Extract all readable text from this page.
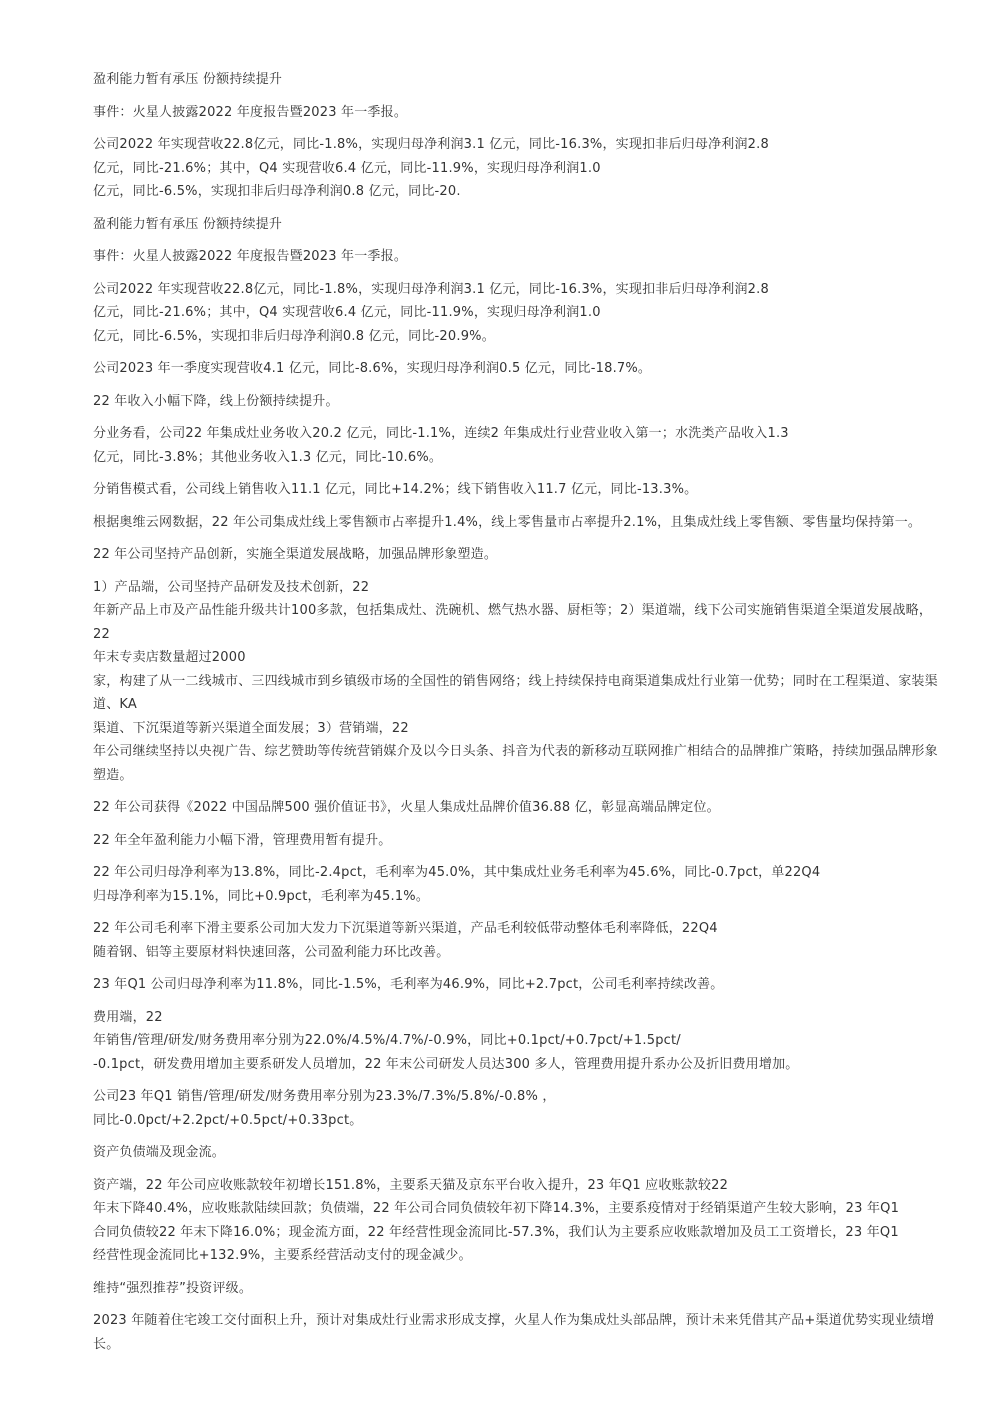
盈利能力暂有承压 份额持续提升
事件：火星人披露2022 年度报告暨2023 年一季报。
公司2022 年实现营收22.8亿元，同比-1.8%，实现归母净利润3.1 亿元，同比-16.3%，实现扣非后归母净利润2.8
亿元，同比-21.6%；其中，Q4 实现营收6.4 亿元，同比-11.9%，实现归母净利润1.0
亿元，同比-6.5%，实现扣非后归母净利润0.8 亿元，同比-20.
盈利能力暂有承压 份额持续提升
事件：火星人披露2022 年度报告暨2023 年一季报。
公司2022 年实现营收22.8亿元，同比-1.8%，实现归母净利润3.1 亿元，同比-16.3%，实现扣非后归母净利润2.8
亿元，同比-21.6%；其中，Q4 实现营收6.4 亿元，同比-11.9%，实现归母净利润1.0
亿元，同比-6.5%，实现扣非后归母净利润0.8 亿元，同比-20.9%。
公司2023 年一季度实现营收4.1 亿元，同比-8.6%，实现归母净利润0.5 亿元，同比-18.7%。
22 年收入小幅下降，线上份额持续提升。
分业务看，公司22 年集成灶业务收入20.2 亿元，同比-1.1%，连续2 年集成灶行业营业收入第一；水洗类产品收入1.3
亿元，同比-3.8%；其他业务收入1.3 亿元，同比-10.6%。
分销售模式看，公司线上销售收入11.1 亿元，同比+14.2%；线下销售收入11.7 亿元，同比-13.3%。
根据奥维云网数据，22 年公司集成灶线上零售额市占率提升1.4%，线上零售量市占率提升2.1%，且集成灶线上零售额、零售量均保持第一。
22 年公司坚持产品创新，实施全渠道发展战略，加强品牌形象塑造。
1）产品端，公司坚持产品研发及技术创新，22
年新产品上市及产品性能升级共计100多款，包括集成灶、洗碗机、燃气热水器、厨柜等；2）渠道端，线下公司实施销售渠道全渠道发展战略，
22
年末专卖店数量超过2000
家，构建了从一二线城市、三四线城市到乡镇级市场的全国性的销售网络；线上持续保持电商渠道集成灶行业第一优势；同时在工程渠道、家装渠
道、KA
渠道、下沉渠道等新兴渠道全面发展；3）营销端，22
年公司继续坚持以央视广告、综艺赞助等传统营销媒介及以今日头条、抖音为代表的新移动互联网推广相结合的品牌推广策略，持续加强品牌形象
塑造。
22 年公司获得《2022 中国品牌500 强价值证书》，火星人集成灶品牌价值36.88 亿，彰显高端品牌定位。
22 年全年盈利能力小幅下滑，管理费用暂有提升。
22 年公司归母净利率为13.8%，同比-2.4pct，毛利率为45.0%，其中集成灶业务毛利率为45.6%，同比-0.7pct，单22Q4
归母净利率为15.1%，同比+0.9pct，毛利率为45.1%。
22 年公司毛利率下滑主要系公司加大发力下沉渠道等新兴渠道，产品毛利较低带动整体毛利率降低，22Q4
随着钢、铝等主要原材料快速回落，公司盈利能力环比改善。
23 年Q1 公司归母净利率为11.8%，同比-1.5%，毛利率为46.9%，同比+2.7pct，公司毛利率持续改善。
费用端，22
年销售/管理/研发/财务费用率分别为22.0%/4.5%/4.7%/-0.9%，同比+0.1pct/+0.7pct/+1.5pct/
-0.1pct，研发费用增加主要系研发人员增加，22 年末公司研发人员达300 多人，管理费用提升系办公及折旧费用增加。
公司23 年Q1 销售/管理/研发/财务费用率分别为23.3%/7.3%/5.8%/-0.8% ，
同比-0.0pct/+2.2pct/+0.5pct/+0.33pct。
资产负债端及现金流。
资产端，22 年公司应收账款较年初增长151.8%，主要系天猫及京东平台收入提升，23 年Q1 应收账款较22
年末下降40.4%，应收账款陆续回款；负债端，22 年公司合同负债较年初下降14.3%，主要系疫情对于经销渠道产生较大影响，23 年Q1
合同负债较22 年末下降16.0%；现金流方面，22 年经营性现金流同比-57.3%，我们认为主要系应收账款增加及员工工资增长，23 年Q1
经营性现金流同比+132.9%，主要系经营活动支付的现金减少。
维持“强烈推荐”投资评级。
2023 年随着住宅竣工交付面积上升，预计对集成灶行业需求形成支撑，火星人作为集成灶头部品牌，预计未来凭借其产品+渠道优势实现业绩增
长。
